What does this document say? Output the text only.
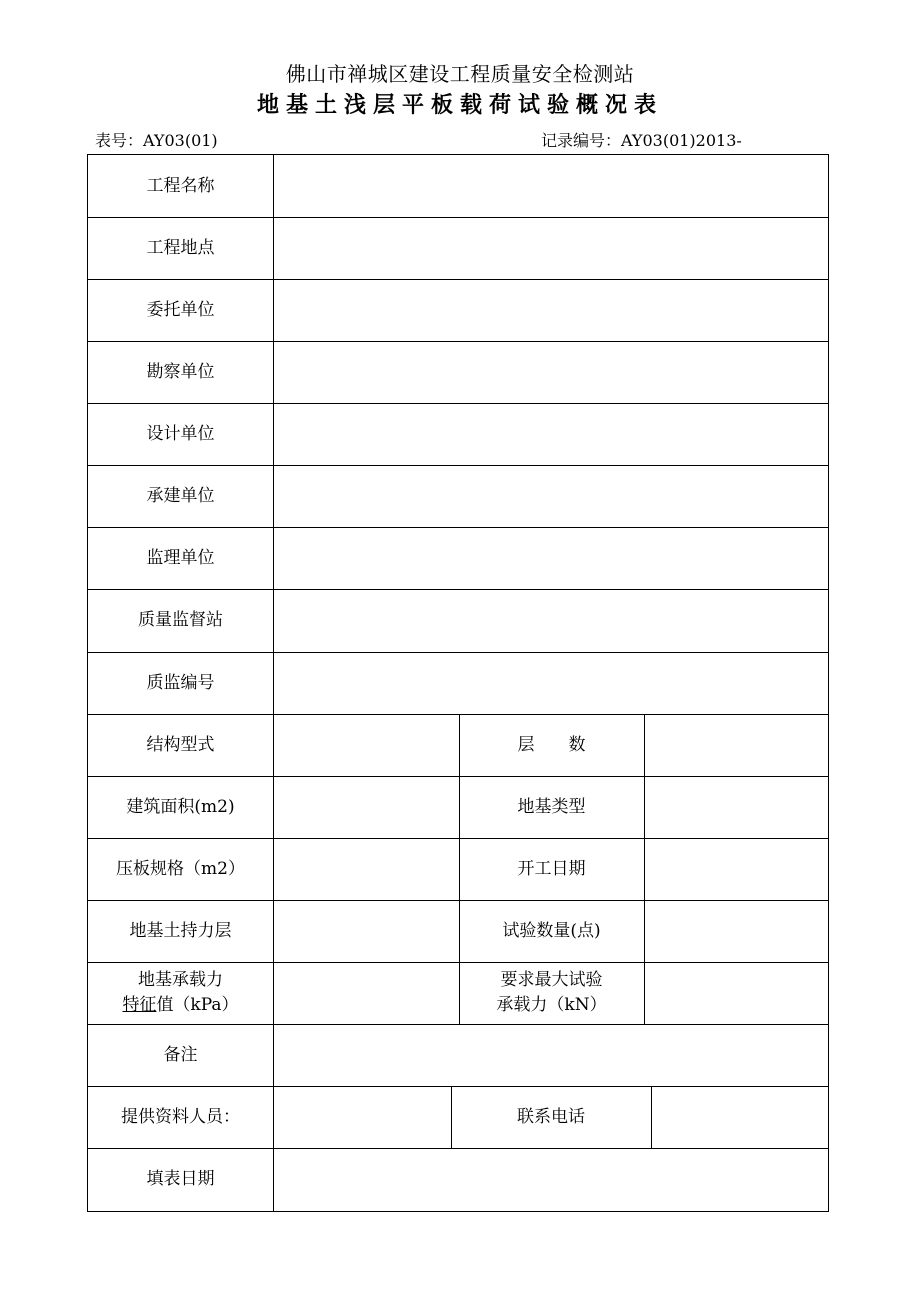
佛山市禅城区建设工程质量安全检测站
地基土浅层平板载荷试验概况表
表号：AY03(01)	记录编号：AY03(01)2013-
工程名称
工程地点
委托单位
勘察单位
设计单位
承建单位
监理单位
质量监督站
质监编号
结构型式
建筑面积(m2)
压板规格（m2）
地基土持力层
地基承载力
特征值（kPa）
备注
提供资料人员：
填表日期
层　　数
地基类型
开工日期
试验数量(点)
要求最大试验
承载力（kN）
联系电话
